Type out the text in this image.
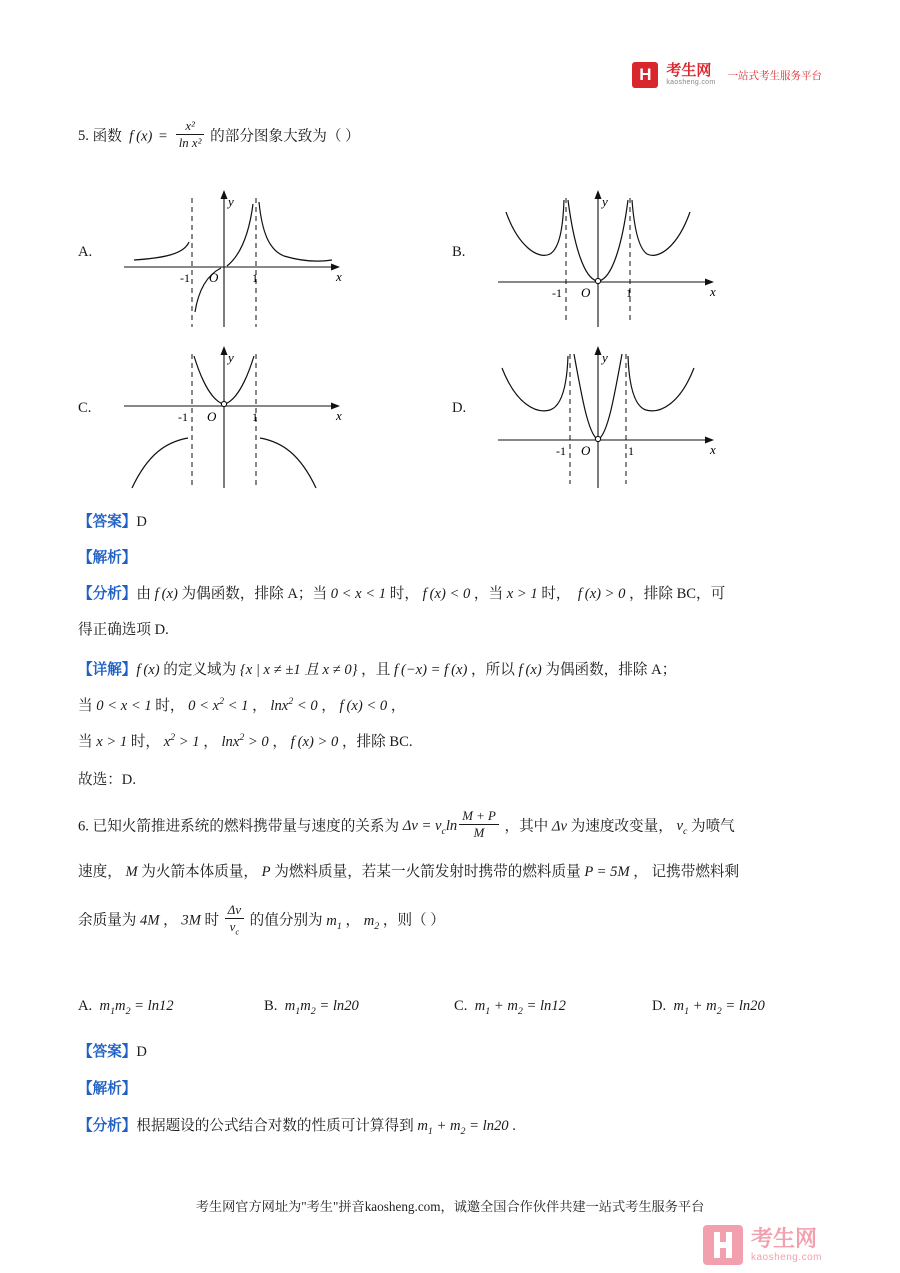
H 考生网
kaosheng.com
一站式考生服务平台
5. 函数 f $(x) = \frac{\text{x²}}{\text{ln x²}}$ 的部分图象大致为（ ）
A.
y
x
O
-1	1
B.
y
x
O
-1	1
C.
y
x
O
-1	1
D.
y
x
O
-1	1
【答案】D
【解析】
【分析】由 f (x) 为偶函数，排除 A；当 0 < x < 1 时， f (x) < 0 ，当 x > 1 时，  f (x) > 0 ，排除 BC，可
得正确选项 D.
【详解】f (x) 的定义域为 {x | x ≠ ±1 且 x ≠ 0} ，且 f (−x) = f (x) ，所以 f (x) 为偶函数，排除 A；
当 0 < x < 1 时， $0 < x^2 < 1$ ， lnx$^2$ < 0 ， f (x) < 0 ，
当 x > 1 时， $x^2 > 1$ ， lnx$^2$ > 0 ， f (x) > 0 ，排除 BC.
故选：D.
6. 已知火箭推进系统的燃料携带量与速度的关系为 $\Delta v = v_c\ln \frac{M + P}{M}$ ，其中 Δv 为速度改变量， $v_c$ 为喷气
速度， M 为火箭本体质量， P 为燃料质量，若某一火箭发射时携带的燃料质量 P = 5M ， 记携带燃料剩
余质量为 4M ， 3M 时 $\frac{\Delta v}{v_c}$ 的值分别为 $m_1$ ， $m_2$ ，则（ ）
A. $m_1m_2 = \ln 12$	B. $m_1m_2 = \ln 20$	C. $m_1 + m_2 = \ln 12$	D. $m_1 + m_2 = \ln 20$
【答案】D
【解析】
【分析】根据题设的公式结合对数的性质可计算得到 $m_1 + m_2 = \ln 20$ .
考生网官方网址为"考生"拼音kaosheng.com，诚邀全国合作伙伴共建一站式考生服务平台
考生网
kaosheng.com
